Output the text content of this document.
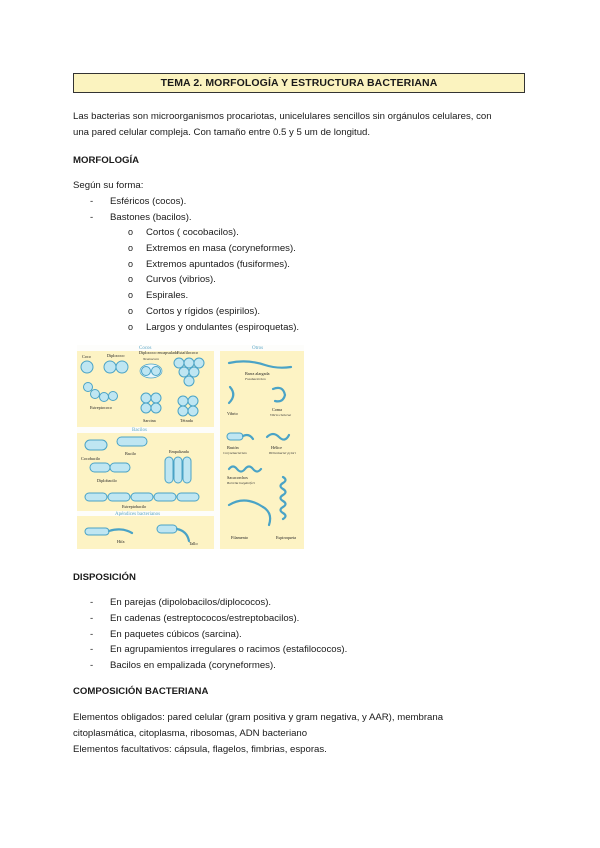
TEMA 2. MORFOLOGÍA Y ESTRUCTURA BACTERIANA
Las bacterias son microorganismos procariotas, unicelulares sencillos sin orgánulos celulares, con
una pared celular compleja. Con tamaño entre 0.5 y 5 um de longitud.
MORFOLOGÍA
Según su forma:
- Esféricos (cocos).
- Bastones (bacilos).
o Cortos ( cocobacilos).
o Extremos en masa (coryneformes).
o Extremos apuntados (fusiformes).
o Curvos (vibrios).
o Espirales.
o Cortos y rígidos (espirilos).
o Largos y ondulantes (espiroquetas).
Cocos	Otros
Bacilos
Apéndices bacterianos
Coco	Diplococo
Diplococo encapsulado
Neumococo
Estafilococo
Estreptococo
Sarcina	Tétrada
Cocobacilo
Bacilo	Empalizada
Diplobacilo
Estreptobacilo
Hifa	Tallo
Barra alargada
Fusobacterium
Vibrio
Coma
Vibrio cholerae
Bastón
Corynebacterium
Hélice
Helicobacter pylori
Sacacorchos
Borrelia burgdorferi
Filamento	Espiroqueta
DISPOSICIÓN
- En parejas (dipolobacilos/diplococos).
- En cadenas (estreptococos/estreptobacilos).
- En paquetes cúbicos (sarcina).
- En agrupamientos irregulares o racimos (estafilococos).
- Bacilos en empalizada (coryneformes).
COMPOSICIÓN BACTERIANA
Elementos obligados: pared celular (gram positiva y gram negativa, y AAR), membrana
citoplasmática, citoplasma, ribosomas, ADN bacteriano
Elementos facultativos: cápsula, flagelos, fimbrias, esporas.
